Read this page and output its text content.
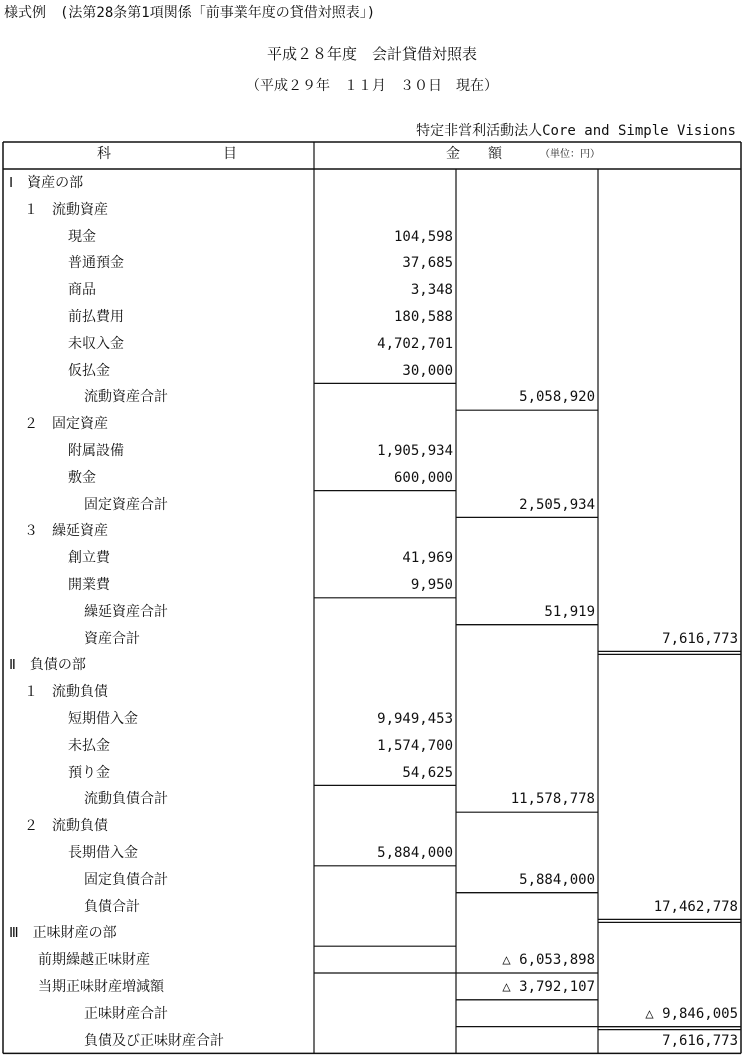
様式例　(法第28条第1項関係「前事業年度の貸借対照表」)
平成２８年度　会計貸借対照表
（平成２９年　１１月　３０日　現在）
特定非営利活動法人Core and Simple Visions
科　　　　　　　　目	金　　額	（単位：円）
Ⅰ　資産の部
１　流動資産
現金	104,598
普通預金	37,685
商品	3,348
前払費用	180,588
未収入金	4,702,701
仮払金	30,000
流動資産合計	5,058,920
２　固定資産
附属設備	1,905,934
敷金	600,000
固定資産合計	2,505,934
３　繰延資産
創立費	41,969
開業費	9,950
繰延資産合計	51,919
資産合計	7,616,773
Ⅱ　負債の部
１　流動負債
短期借入金	9,949,453
未払金	1,574,700
預り金	54,625
流動負債合計	11,578,778
２　流動負債
長期借入金	5,884,000
固定負債合計	5,884,000
負債合計	17,462,778
Ⅲ　正味財産の部
前期繰越正味財産	△ 6,053,898
当期正味財産増減額	△ 3,792,107
正味財産合計	△ 9,846,005
負債及び正味財産合計	7,616,773
